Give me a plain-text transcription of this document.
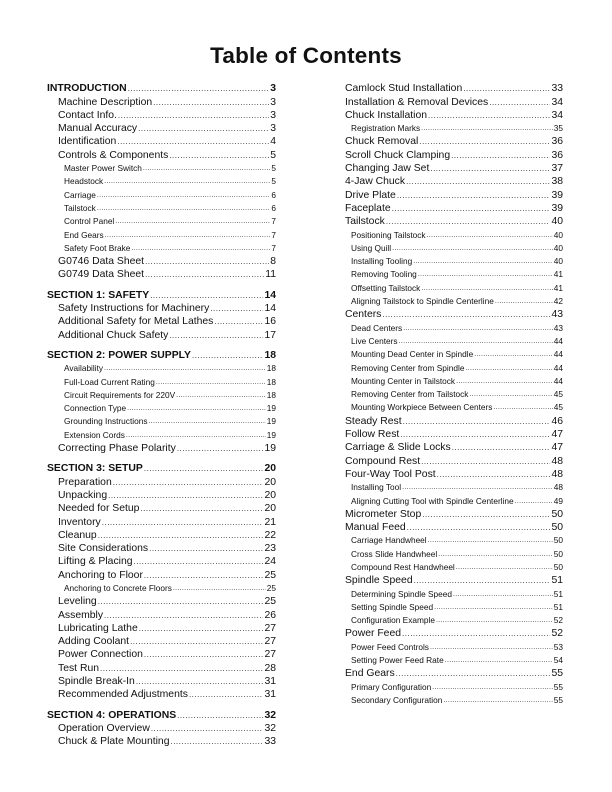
Table of Contents
INTRODUCTION .....	3
Machine Description .....	3
Contact Info. .....	3
Manual Accuracy .....	3
Identification .....	4
Controls & Components .....	5
Master Power Switch .....	5
Headstock .....	5
Carriage .....	6
Tailstock .....	6
Control Panel .....	7
End Gears .....	7
Safety Foot Brake .....	7
G0746 Data Sheet .....	8
G0749 Data Sheet .....	11
SECTION 1: SAFETY .....	14
Safety Instructions for Machinery .....	14
Additional Safety for Metal Lathes .....	16
Additional Chuck Safety .....	17
SECTION 2: POWER SUPPLY .....	18
Availability .....	18
Full-Load Current Rating .....	18
Circuit Requirements for 220V .....	18
Connection Type .....	19
Grounding Instructions .....	19
Extension Cords .....	19
Correcting Phase Polarity .....	19
SECTION 3: SETUP .....	20
Preparation .....	20
Unpacking .....	20
Needed for Setup .....	20
Inventory .....	21
Cleanup .....	22
Site Considerations .....	23
Lifting & Placing .....	24
Anchoring to Floor .....	25
Anchoring to Concrete Floors .....	25
Leveling .....	25
Assembly .....	26
Lubricating Lathe .....	27
Adding Coolant .....	27
Power Connection .....	27
Test Run .....	28
Spindle Break-In .....	31
Recommended Adjustments .....	31
SECTION 4: OPERATIONS .....	32
Operation Overview .....	32
Chuck & Plate Mounting .....	33
Camlock Stud Installation .....	33
Installation & Removal Devices .....	34
Chuck Installation .....	34
Registration Marks .....	35
Chuck Removal .....	36
Scroll Chuck Clamping .....	36
Changing Jaw Set .....	37
4-Jaw Chuck .....	38
Drive Plate .....	39
Faceplate .....	39
Tailstock .....	40
Positioning Tailstock .....	40
Using Quill .....	40
Installing Tooling .....	40
Removing Tooling .....	41
Offsetting Tailstock .....	41
Aligning Tailstock to Spindle Centerline .....	42
Centers .....	43
Dead Centers .....	43
Live Centers .....	44
Mounting Dead Center in Spindle .....	44
Removing Center from Spindle .....	44
Mounting Center in Tailstock .....	44
Removing Center from Tailstock .....	45
Mounting Workpiece Between Centers .....	45
Steady Rest .....	46
Follow Rest .....	47
Carriage & Slide Locks .....	47
Compound Rest .....	48
Four-Way Tool Post .....	48
Installing Tool .....	48
Aligning Cutting Tool with Spindle Centerline .....	49
Micrometer Stop .....	50
Manual Feed .....	50
Carriage Handwheel .....	50
Cross Slide Handwheel .....	50
Compound Rest Handwheel .....	50
Spindle Speed .....	51
Determining Spindle Speed .....	51
Setting Spindle Speed .....	51
Configuration Example .....	52
Power Feed .....	52
Power Feed Controls .....	53
Setting Power Feed Rate .....	54
End Gears .....	55
Primary Configuration .....	55
Secondary Configuration .....	55
